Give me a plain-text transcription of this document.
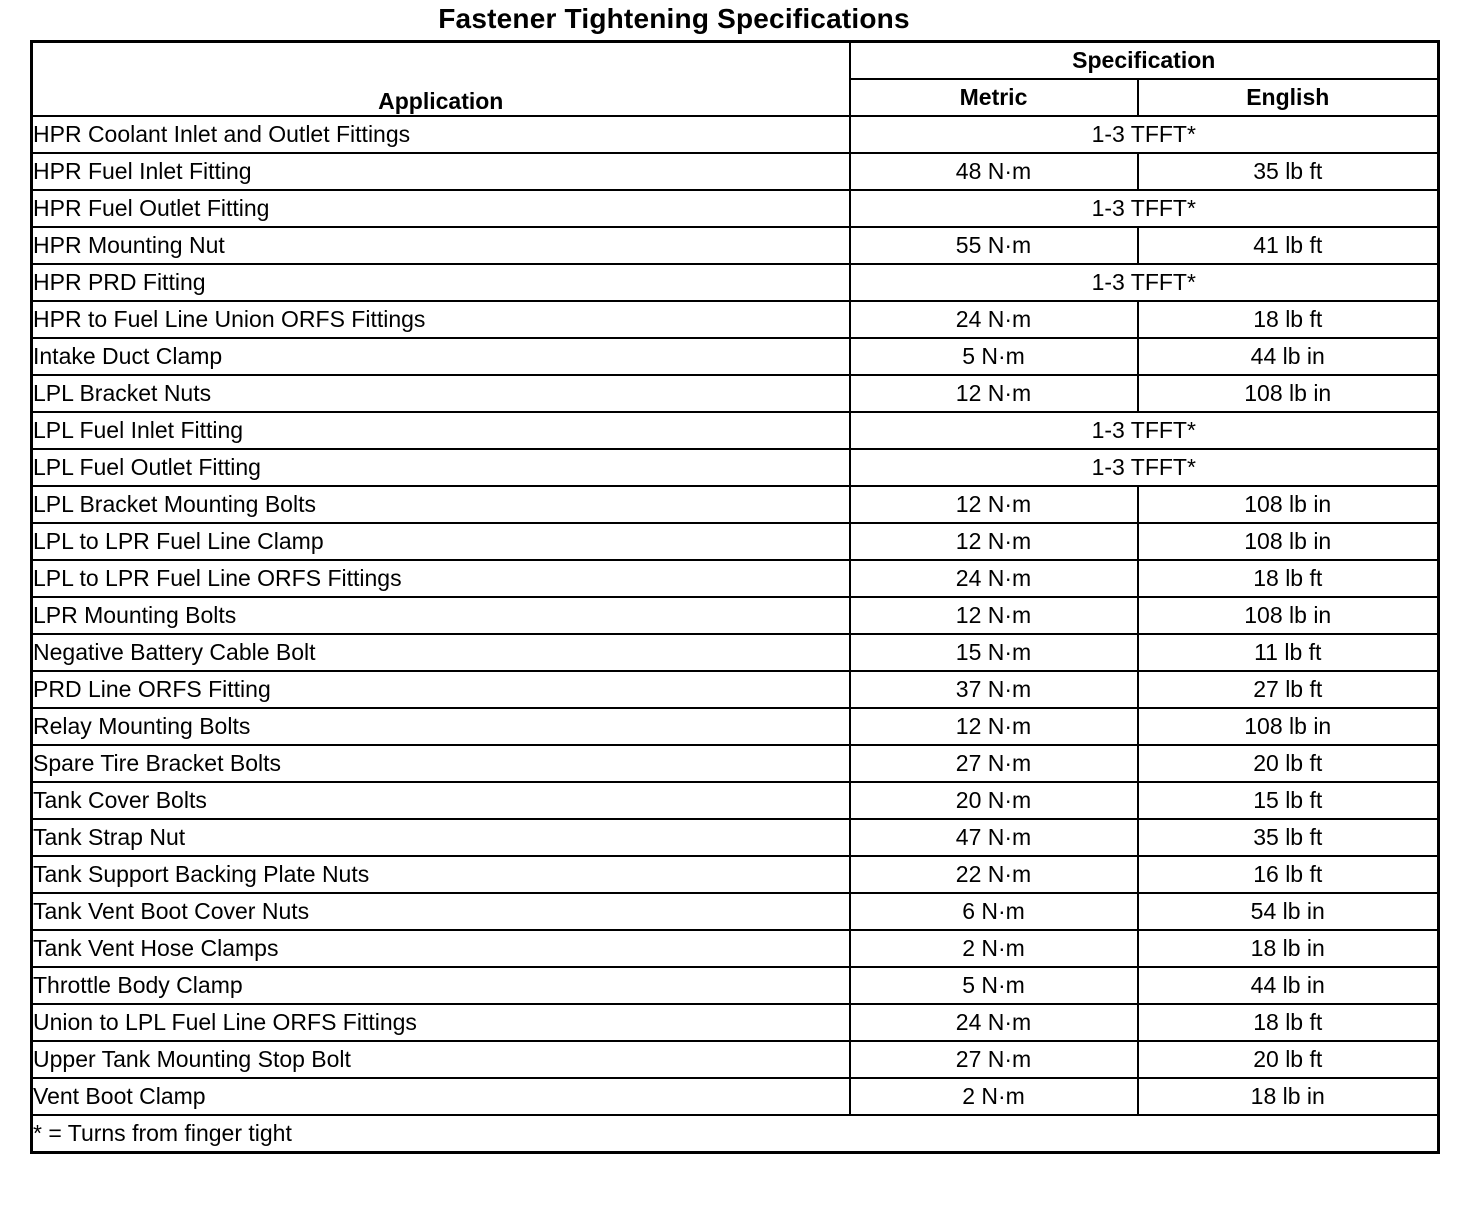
Fastener Tightening Specifications
Application	Specification	
	Metric	English
HPR Coolant Inlet and Outlet Fittings	1-3 TFFT*	
HPR Fuel Inlet Fitting	48 N·m	35 lb ft
HPR Fuel Outlet Fitting	1-3 TFFT*	
HPR Mounting Nut	55 N·m	41 lb ft
HPR PRD Fitting	1-3 TFFT*	
HPR to Fuel Line Union ORFS Fittings	24 N·m	18 lb ft
Intake Duct Clamp	5 N·m	44 lb in
LPL Bracket Nuts	12 N·m	108 lb in
LPL Fuel Inlet Fitting	1-3 TFFT*	
LPL Fuel Outlet Fitting	1-3 TFFT*	
LPL Bracket Mounting Bolts	12 N·m	108 lb in
LPL to LPR Fuel Line Clamp	12 N·m	108 lb in
LPL to LPR Fuel Line ORFS Fittings	24 N·m	18 lb ft
LPR Mounting Bolts	12 N·m	108 lb in
Negative Battery Cable Bolt	15 N·m	11 lb ft
PRD Line ORFS Fitting	37 N·m	27 lb ft
Relay Mounting Bolts	12 N·m	108 lb in
Spare Tire Bracket Bolts	27 N·m	20 lb ft
Tank Cover Bolts	20 N·m	15 lb ft
Tank Strap Nut	47 N·m	35 lb ft
Tank Support Backing Plate Nuts	22 N·m	16 lb ft
Tank Vent Boot Cover Nuts	6 N·m	54 lb in
Tank Vent Hose Clamps	2 N·m	18 lb in
Throttle Body Clamp	5 N·m	44 lb in
Union to LPL Fuel Line ORFS Fittings	24 N·m	18 lb ft
Upper Tank Mounting Stop Bolt	27 N·m	20 lb ft
Vent Boot Clamp	2 N·m	18 lb in
* = Turns from finger tight		
